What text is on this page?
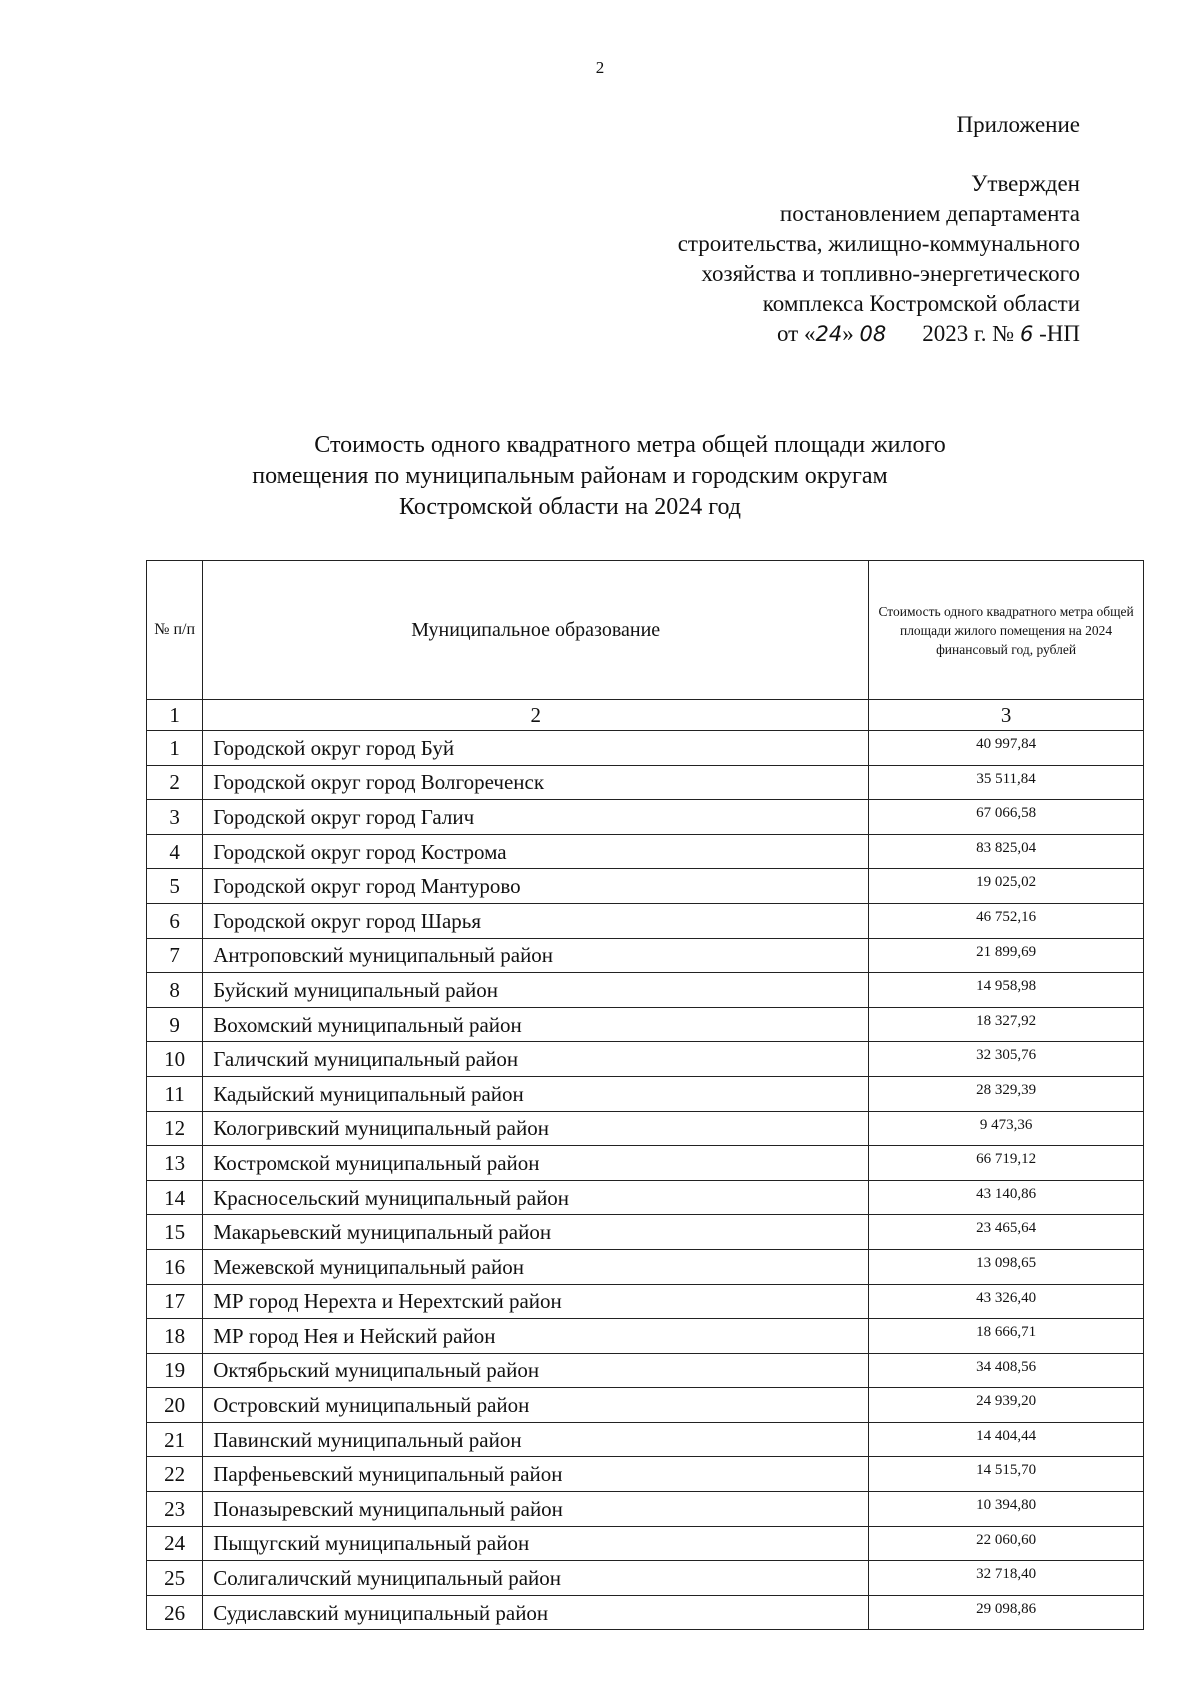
2
Приложение
Утвержден
постановлением департамента
строительства, жилищно-коммунального
хозяйства и топливно-энергетического
комплекса Костромской области
от «24» 08 2023 г. № 6 -НП
Стоимость одного квадратного метра общей площади жилого
помещения по муниципальным районам и городским округам
Костромской области на 2024 год
№ п/п	Муниципальное образование	Стоимость одного квадратного метра общей площади жилого помещения на 2024 финансовый год, рублей
1	2	3
1	Городской округ город Буй	40 997,84
2	Городской округ город Волгореченск	35 511,84
3	Городской округ город Галич	67 066,58
4	Городской округ город Кострома	83 825,04
5	Городской округ город Мантурово	19 025,02
6	Городской округ город Шарья	46 752,16
7	Антроповский муниципальный район	21 899,69
8	Буйский муниципальный район	14 958,98
9	Вохомский муниципальный район	18 327,92
10	Галичский муниципальный район	32 305,76
11	Кадыйский муниципальный район	28 329,39
12	Кологривский муниципальный район	9 473,36
13	Костромской муниципальный район	66 719,12
14	Красносельский муниципальный район	43 140,86
15	Макарьевский муниципальный район	23 465,64
16	Межевской муниципальный район	13 098,65
17	МР город Нерехта и Нерехтский район	43 326,40
18	МР город Нея и Нейский район	18 666,71
19	Октябрьский муниципальный район	34 408,56
20	Островский муниципальный район	24 939,20
21	Павинский муниципальный район	14 404,44
22	Парфеньевский муниципальный район	14 515,70
23	Поназыревский муниципальный район	10 394,80
24	Пыщугский муниципальный район	22 060,60
25	Солигаличский муниципальный район	32 718,40
26	Судиславский муниципальный район	29 098,86
